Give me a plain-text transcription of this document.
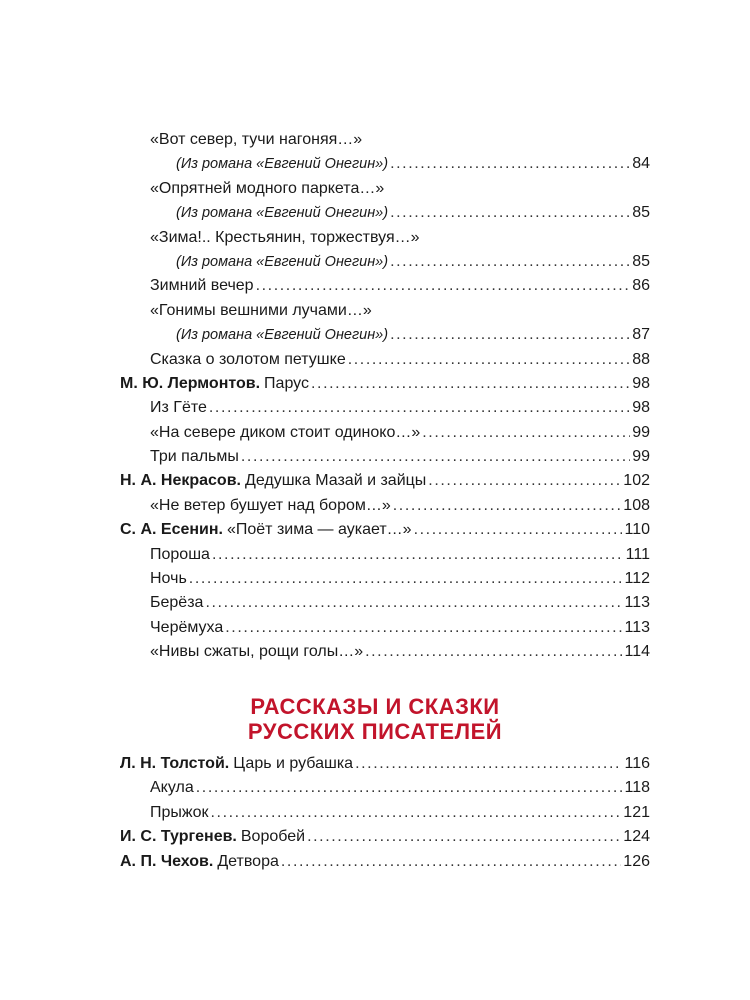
«Вот север, тучи нагоняя…»
(Из романа «Евгений Онегин») .....	84
«Опрятней модного паркета…»
(Из романа «Евгений Онегин») .....	85
«Зима!.. Крестьянин, торжествуя…»
(Из романа «Евгений Онегин») .....	85
Зимний вечер .....	86
«Гонимы вешними лучами…»
(Из романа «Евгений Онегин») .....	87
Сказка о золотом петушке .....	88
М. Ю. Лермонтов. Парус .....	98
Из Гёте .....	98
«На севере диком стоит одиноко…» .....	99
Три пальмы .....	99
Н. А. Некрасов. Дедушка Мазай и зайцы .....	102
«Не ветер бушует над бором…» .....	108
С. А. Есенин. «Поёт зима — аукает…» .....	110
Пороша .....	111
Ночь .....	112
Берёза .....	113
Черёмуха .....	113
«Нивы сжаты, рощи голы…» .....	114
РАССКАЗЫ И СКАЗКИ
РУССКИХ ПИСАТЕЛЕЙ
Л. Н. Толстой. Царь и рубашка .....	116
Акула .....	118
Прыжок .....	121
И. С. Тургенев. Воробей .....	124
А. П. Чехов. Детвора .....	126
